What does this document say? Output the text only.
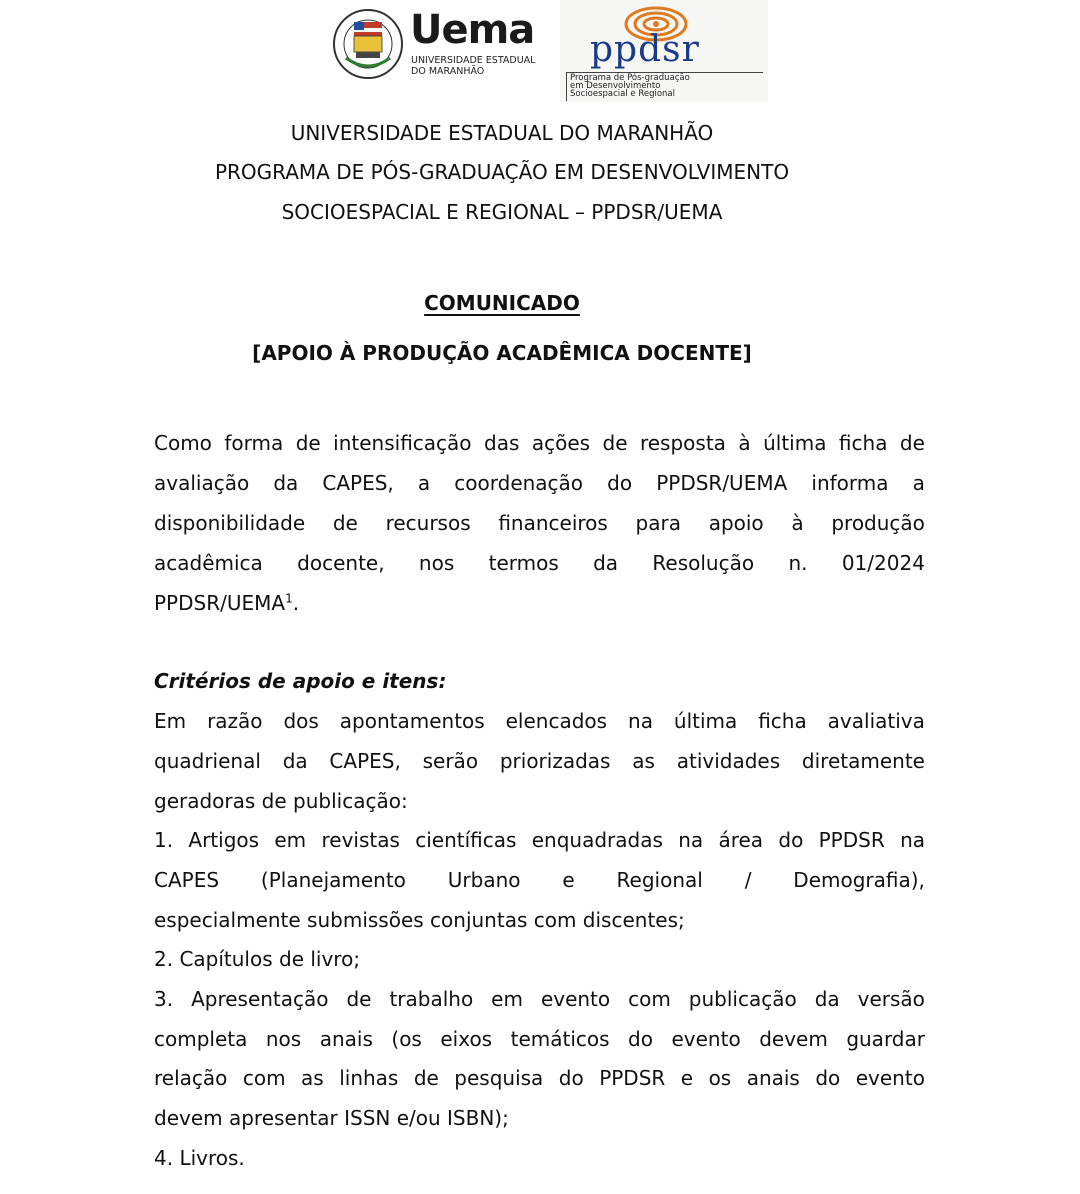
Uema
UNIVERSIDADE ESTADUAL
DO MARANHÃO
ppdsr
Programa de Pós-graduação
em Desenvolvimento
Socioespacial e Regional
UNIVERSIDADE ESTADUAL DO MARANHÃO
PROGRAMA DE PÓS-GRADUAÇÃO EM DESENVOLVIMENTO
SOCIOESPACIAL E REGIONAL – PPDSR/UEMA
COMUNICADO
[APOIO À PRODUÇÃO ACADÊMICA DOCENTE]
Como forma de intensificação das ações de resposta à última ficha de
avaliação da CAPES, a coordenação do PPDSR/UEMA informa a
disponibilidade de recursos financeiros para apoio à produção
acadêmica docente, nos termos da Resolução n. 01/2024
PPDSR/UEMA$^1$.
Critérios de apoio e itens:
Em razão dos apontamentos elencados na última ficha avaliativa
quadrienal da CAPES, serão priorizadas as atividades diretamente
geradoras de publicação:
1. Artigos em revistas científicas enquadradas na área do PPDSR na
CAPES (Planejamento Urbano e Regional / Demografia),
especialmente submissões conjuntas com discentes;
2. Capítulos de livro;
3. Apresentação de trabalho em evento com publicação da versão
completa nos anais (os eixos temáticos do evento devem guardar
relação com as linhas de pesquisa do PPDSR e os anais do evento
devem apresentar ISSN e/ou ISBN);
4. Livros.
